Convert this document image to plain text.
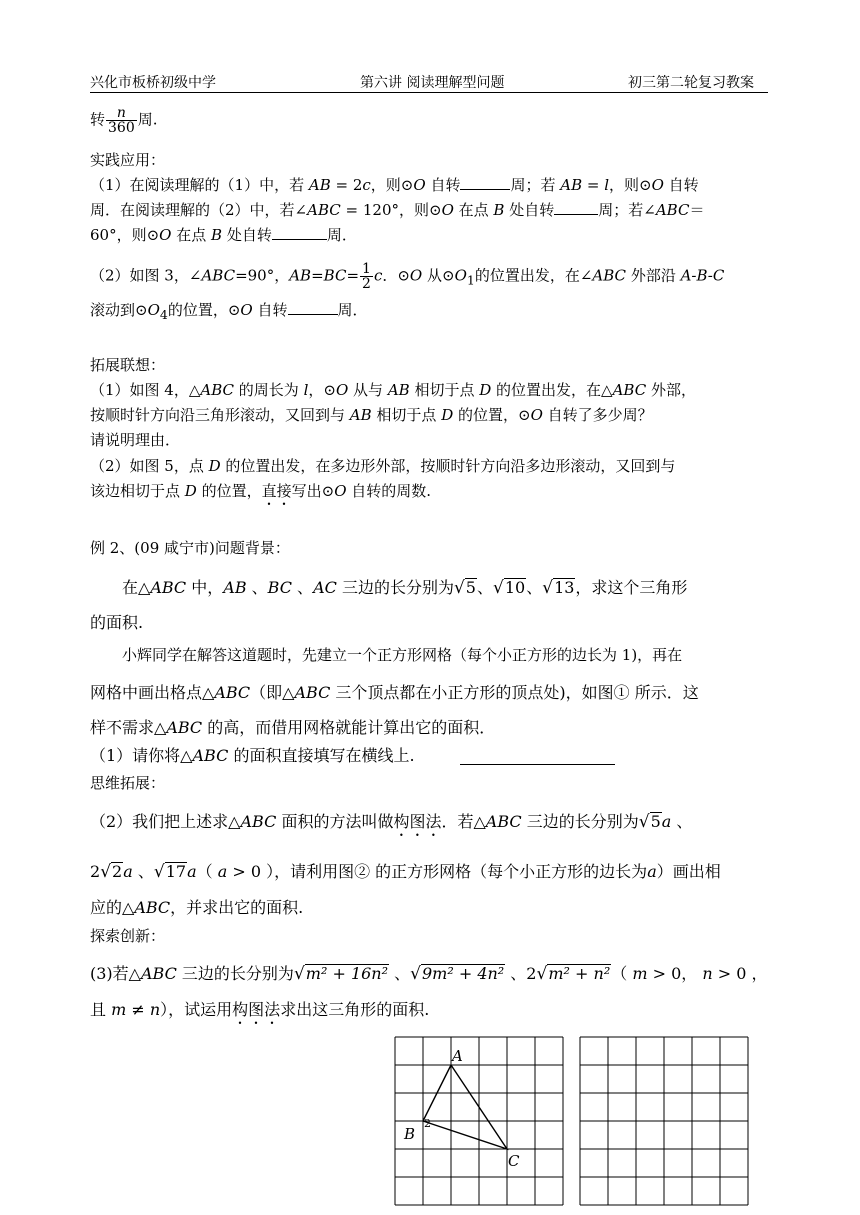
兴化市板桥初级中学	第六讲 阅读理解型问题	初三第二轮复习教案
转 $\frac{n}{360}$ 周.
实践应用：
（1）在阅读理解的（1）中，若 AB = 2c，则⊙O 自转	周；若 AB = l，则⊙O 自转
周．在阅读理解的（2）中，若∠ABC = 120°，则⊙O 在点 B 处自转	周；若∠ABC＝
60°，则⊙O 在点 B 处自转	周．
（2）如图 3，∠ABC=90°，$AB=BC= \frac{1}{2}$ c．⊙O 从$⊙O_1$的位置出发，在∠ABC 外部沿 A-B-C
滚动到$⊙O_4$的位置，⊙O 自转	周．
拓展联想：
（1）如图 4，△ABC 的周长为 l，⊙O 从与 AB 相切于点 D 的位置出发，在△ABC 外部，
按顺时针方向沿三角形滚动，又回到与 AB 相切于点 D 的位置，⊙O 自转了多少周？
请说明理由．
（2）如图 5，点 D 的位置出发，在多边形外部，按顺时针方向沿多边形滚动，又回到与
该边相切于点 D 的位置，直接写出⊙O 自转的周数.
例 2、(09 咸宁市)问题背景：
在△ABC 中，AB 、BC 、AC 三边的长分别为√5、√10、√13，求这个三角形
的面积.
小辉同学在解答这道题时，先建立一个正方形网格（每个小正方形的边长为 1)，再在
网格中画出格点△ABC（即△ABC 三个顶点都在小正方形的顶点处)，如图① 所示．这
样不需求△ABC 的高，而借用网格就能计算出它的面积．
（1）请你将△ABC 的面积直接填写在横线上.
思维拓展：
（2）我们把上述求△ABC 面积的方法叫做构图法．若△ABC 三边的长分别为√5a 、
2√2a 、√17a（ a > 0 ），请利用图② 的正方形网格（每个小正方形的边长为a）画出相
应的△ABC，并求出它的面积.
探索创新：
(3)若△ABC 三边的长分别为√m² + 16n² 、√9m² + 4n² 、2√m² + n²（ m > 0， n > 0 ，
且 m ≠ n），试运用构图法求出这三角形的面积.
A
B
C
2
